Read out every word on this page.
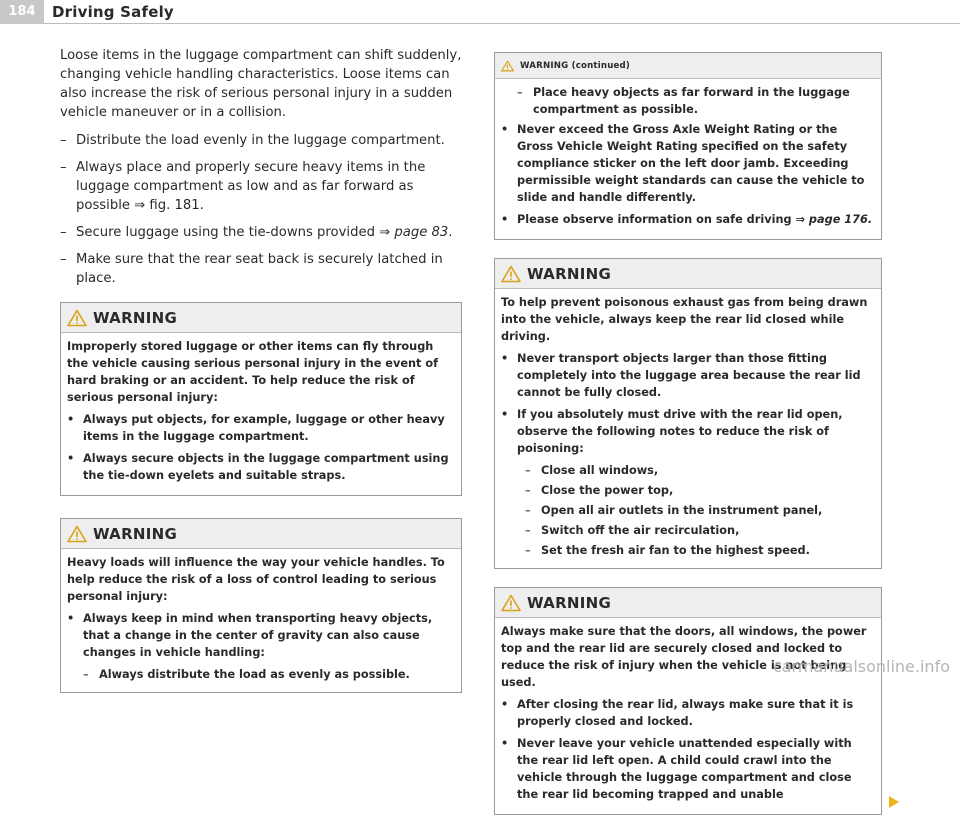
184	Driving Safely

Loose items in the luggage compartment can shift suddenly, changing vehicle handling characteristics. Loose items can also increase the risk of serious personal injury in a sudden vehicle maneuver or in a collision.

– Distribute the load evenly in the luggage compartment.
– Always place and properly secure heavy items in the luggage compartment as low and as far forward as possible ⇒ fig. 181.
– Secure luggage using the tie-downs provided ⇒ page 83.
– Make sure that the rear seat back is securely latched in place.
WARNING

Improperly stored luggage or other items can fly through the vehicle causing serious personal injury in the event of hard braking or an accident. To help reduce the risk of serious personal injury:

• Always put objects, for example, luggage or other heavy items in the luggage compartment.
• Always secure objects in the luggage compartment using the tie-down eyelets and suitable straps.
WARNING

Heavy loads will influence the way your vehicle handles. To help reduce the risk of a loss of control leading to serious personal injury:

• Always keep in mind when transporting heavy objects, that a change in the center of gravity can also cause changes in vehicle handling:
– Always distribute the load as evenly as possible.
WARNING (continued)
– Place heavy objects as far forward in the luggage compartment as possible.
• Never exceed the Gross Axle Weight Rating or the Gross Vehicle Weight Rating specified on the safety compliance sticker on the left door jamb. Exceeding permissible weight standards can cause the vehicle to slide and handle differently.
• Please observe information on safe driving ⇒ page 176.
WARNING

To help prevent poisonous exhaust gas from being drawn into the vehicle, always keep the rear lid closed while driving.

• Never transport objects larger than those fitting completely into the luggage area because the rear lid cannot be fully closed.
• If you absolutely must drive with the rear lid open, observe the following notes to reduce the risk of poisoning:
– Close all windows,
– Close the power top,
– Open all air outlets in the instrument panel,
– Switch off the air recirculation,
– Set the fresh air fan to the highest speed.
WARNING

Always make sure that the doors, all windows, the power top and the rear lid are securely closed and locked to reduce the risk of injury when the vehicle is not being used.

• After closing the rear lid, always make sure that it is properly closed and locked.
• Never leave your vehicle unattended especially with the rear lid left open. A child could crawl into the vehicle through the luggage compartment and close the rear lid becoming trapped and unable
carmanualsonline.info
